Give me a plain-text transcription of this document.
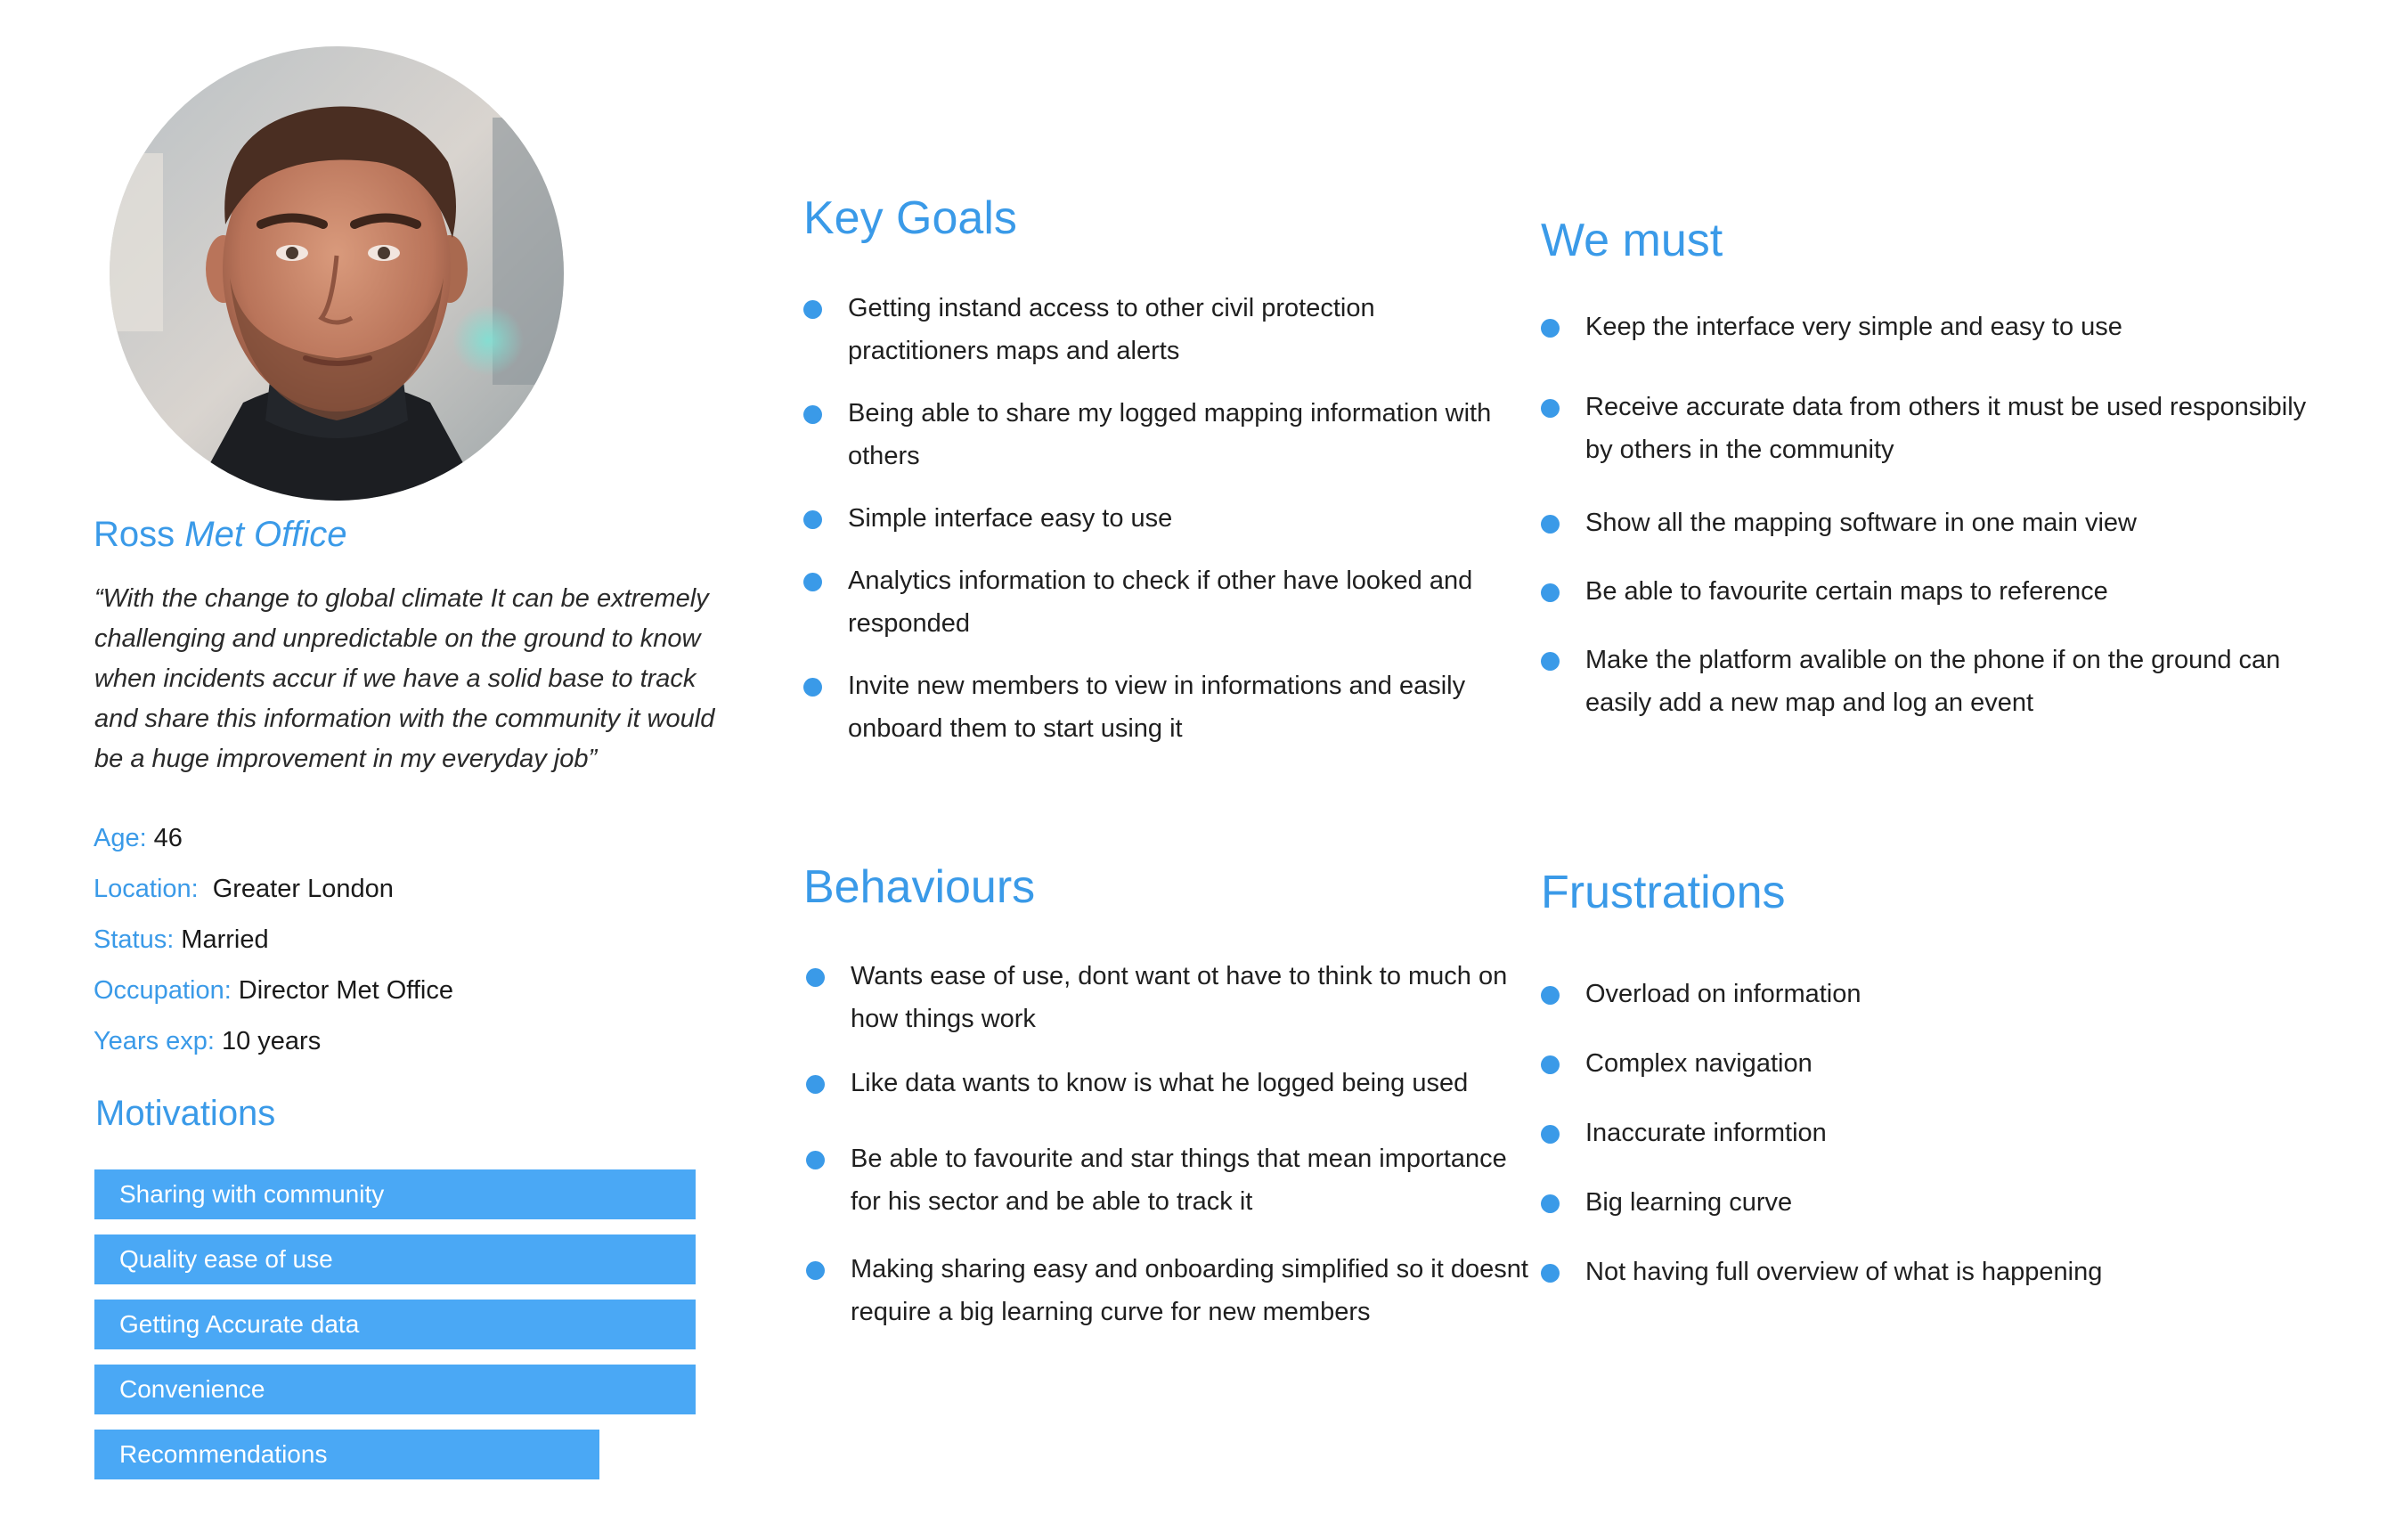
Ross Met Office

“With the change to global climate It can be extremely challenging and unpredictable on the ground to know when incidents accur if we have a solid base to track and share this information with the community it would be a huge improvement in my everyday job”

Age: 46
Location: Greater London
Status: Married
Occupation: Director Met Office
Years exp: 10 years
Motivations
Sharing with community
Quality ease of use
Getting Accurate data
Convenience
Recommendations
Key Goals
Getting instand access to other civil protection practitioners maps and alerts
Being able to share my logged mapping information with others
Simple interface easy to use
Analytics information to check if other have looked and responded
Invite new members to view in informations and easily onboard them to start using it
We must
Keep the interface very simple and easy to use
Receive accurate data from others it must be used responsibily by others in the community
Show all the mapping software in one main view
Be able to favourite certain maps to reference
Make the platform avalible on the phone if on the ground can easily add a new map and log an event
Behaviours
Wants ease of use, dont want ot have to think to much on how things work
Like data wants to know is what he logged being used
Be able to favourite and star things that mean importance for his sector and be able to track it
Making sharing easy and onboarding simplified so it doesnt require a big learning curve for new members
Frustrations
Overload on information
Complex navigation
Inaccurate informtion
Big learning curve
Not having full overview of what is happening
